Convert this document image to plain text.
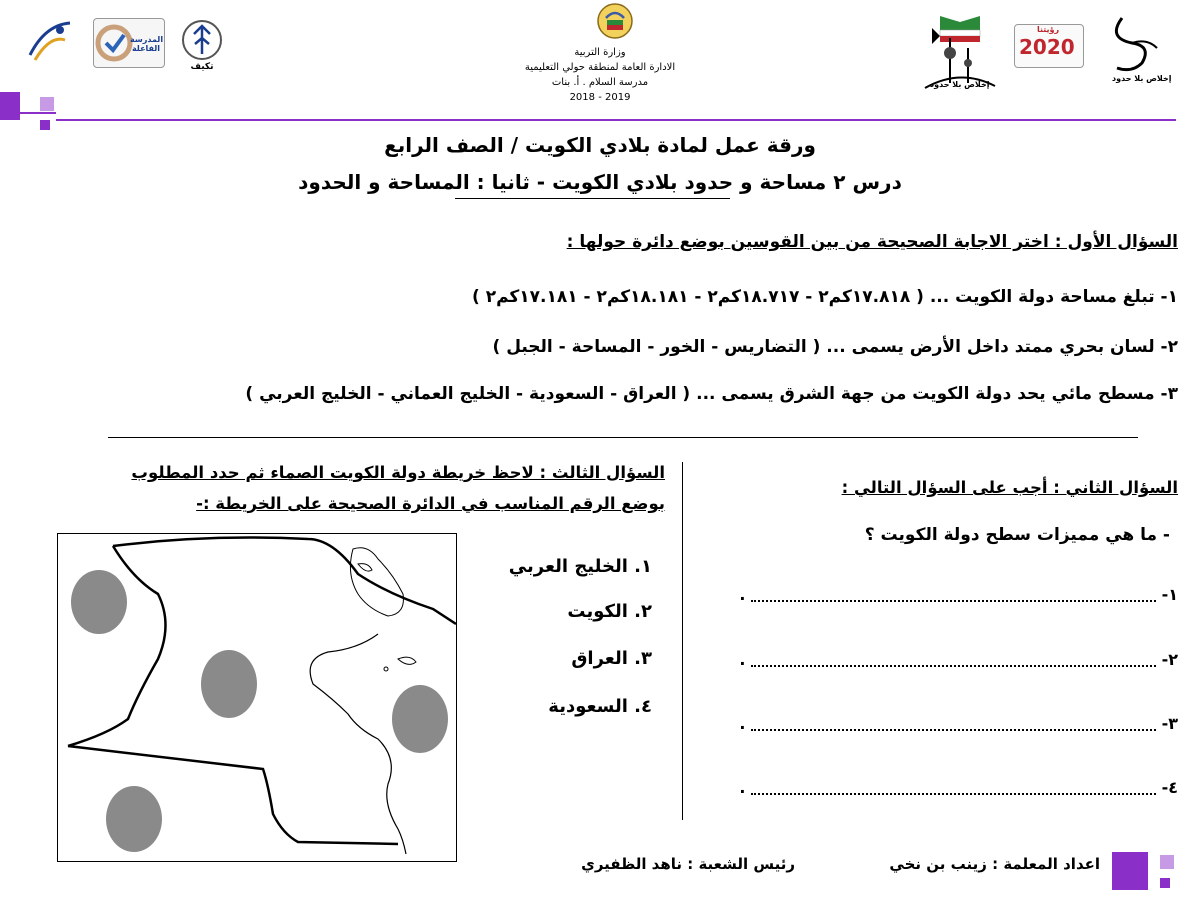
المدرسة الفاعلة
تكيف
وزارة التربية
الادارة العامة لمنطقة حولي التعليمية
مدرسة السلام . أ. بنات
2018 - 2019
إخلاص بلا حدود
رؤيتنا
2020
إخلاص بلا حدود
ورقة عمل لمادة بلادي الكويت / الصف الرابع
درس ٢ مساحة و حدود بلادي الكويت - ثانيا : المساحة و الحدود
السؤال الأول : اختر الاجابة الصحيحة من بين القوسين بوضع دائرة حولها :
١- تبلغ مساحة دولة الكويت ... ( ١٧.٨١٨كم٢ - ١٨.٧١٧كم٢ - ١٨.١٨١كم٢ - ١٧.١٨١كم٢ )
٢- لسان بحري ممتد داخل الأرض يسمى ... ( التضاريس - الخور - المساحة - الجبل )
٣- مسطح مائي يحد دولة الكويت من جهة الشرق يسمى ... ( العراق - السعودية - الخليج العماني - الخليج العربي )
السؤال الثالث : لاحظ خريطة دولة الكويت الصماء ثم حدد المطلوب
بوضع الرقم المناسب في الدائرة الصحيحة على الخريطة :-
١. الخليج العربي
٢. الكويت
٣. العراق
٤. السعودية
السؤال الثاني : أجب على السؤال التالي :
- ما هي مميزات سطح دولة الكويت ؟
١-  .
٢-  .
٣-  .
٤-  .
اعداد المعلمة : زينب بن نخي
رئيس الشعبة : ناهد الظفيري
